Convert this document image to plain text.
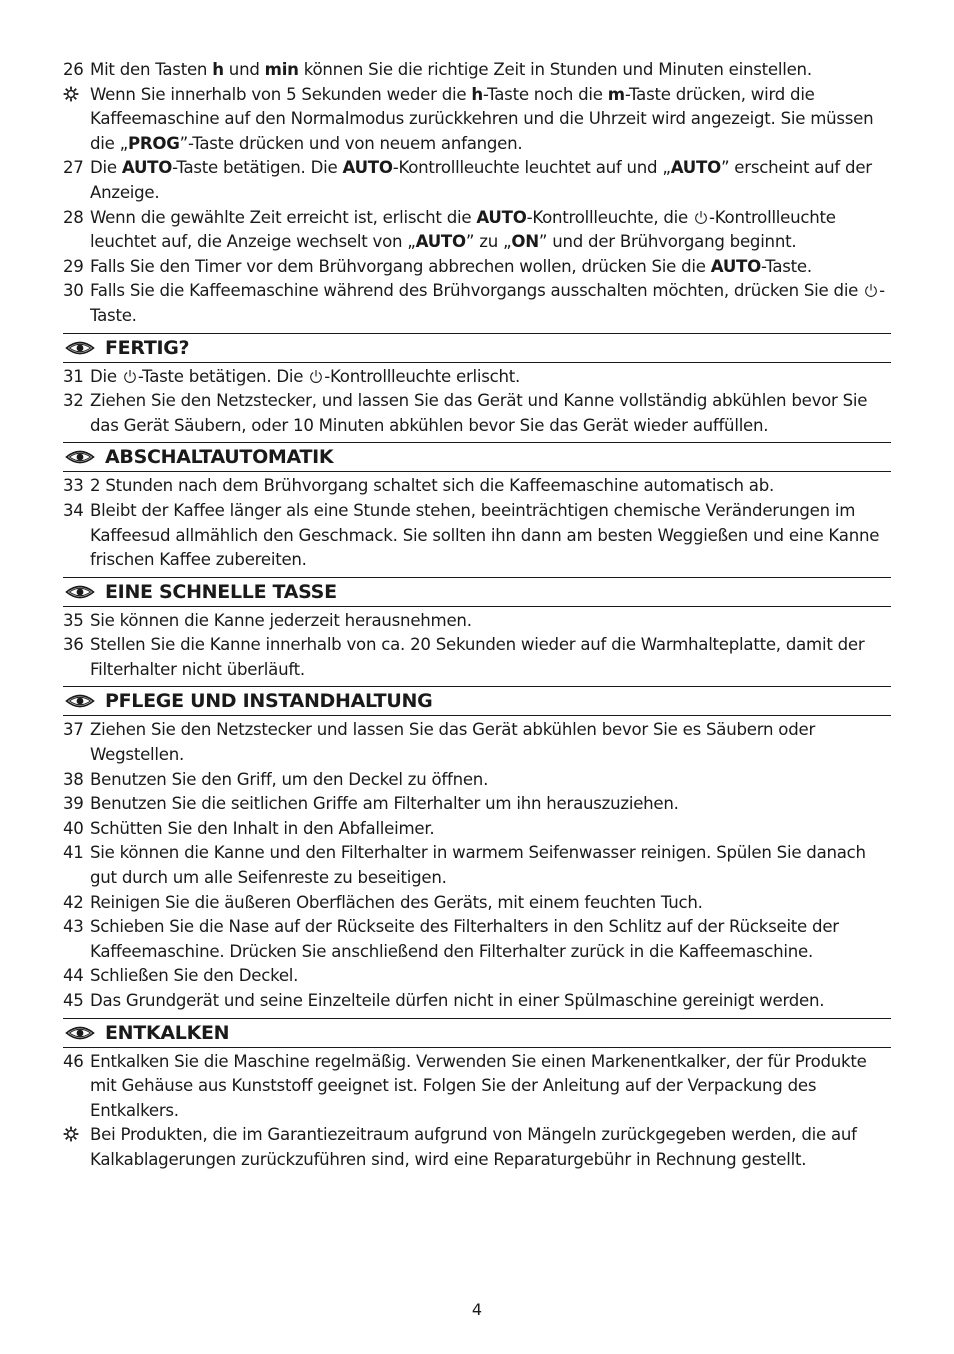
26 Mit den Tasten h und min können Sie die richtige Zeit in Stunden und Minuten einstellen.
Wenn Sie innerhalb von 5 Sekunden weder die h-Taste noch die m-Taste drücken, wird die Kaffeemaschine auf den Normalmodus zurückkehren und die Uhrzeit wird angezeigt. Sie müssen die „PROG”-Taste drücken und von neuem anfangen.
27 Die AUTO-Taste betätigen. Die AUTO-Kontrollleuchte leuchtet auf und „AUTO” erscheint auf der Anzeige.
28 Wenn die gewählte Zeit erreicht ist, erlischt die AUTO-Kontrollleuchte, die -Kontrollleuchte leuchtet auf, die Anzeige wechselt von „AUTO” zu „ON” und der Brühvorgang beginnt.
29 Falls Sie den Timer vor dem Brühvorgang abbrechen wollen, drücken Sie die AUTO-Taste.
30 Falls Sie die Kaffeemaschine während des Brühvorgangs ausschalten möchten, drücken Sie die -Taste.
FERTIG?
31 Die -Taste betätigen. Die -Kontrollleuchte erlischt.
32 Ziehen Sie den Netzstecker, und lassen Sie das Gerät und Kanne vollständig abkühlen bevor Sie das Gerät Säubern, oder 10 Minuten abkühlen bevor Sie das Gerät wieder auffüllen.
ABSCHALTAUTOMATIK
33 2 Stunden nach dem Brühvorgang schaltet sich die Kaffeemaschine automatisch ab.
34 Bleibt der Kaffee länger als eine Stunde stehen, beeinträchtigen chemische Veränderungen im Kaffeesud allmählich den Geschmack. Sie sollten ihn dann am besten Weggießen und eine Kanne frischen Kaffee zubereiten.
EINE SCHNELLE TASSE
35 Sie können die Kanne jederzeit herausnehmen.
36 Stellen Sie die Kanne innerhalb von ca. 20 Sekunden wieder auf die Warmhalteplatte, damit der Filterhalter nicht überläuft.
PFLEGE UND INSTANDHALTUNG
37 Ziehen Sie den Netzstecker und lassen Sie das Gerät abkühlen bevor Sie es Säubern oder Wegstellen.
38 Benutzen Sie den Griff, um den Deckel zu öffnen.
39 Benutzen Sie die seitlichen Griffe am Filterhalter um ihn herauszuziehen.
40 Schütten Sie den Inhalt in den Abfalleimer.
41 Sie können die Kanne und den Filterhalter in warmem Seifenwasser reinigen. Spülen Sie danach gut durch um alle Seifenreste zu beseitigen.
42 Reinigen Sie die äußeren Oberflächen des Geräts, mit einem feuchten Tuch.
43 Schieben Sie die Nase auf der Rückseite des Filterhalters in den Schlitz auf der Rückseite der Kaffeemaschine. Drücken Sie anschließend den Filterhalter zurück in die Kaffeemaschine.
44 Schließen Sie den Deckel.
45 Das Grundgerät und seine Einzelteile dürfen nicht in einer Spülmaschine gereinigt werden.
ENTKALKEN
46 Entkalken Sie die Maschine regelmäßig. Verwenden Sie einen Markenentkalker, der für Produkte mit Gehäuse aus Kunststoff geeignet ist. Folgen Sie der Anleitung auf der Verpackung des Entkalkers.
Bei Produkten, die im Garantiezeitraum aufgrund von Mängeln zurückgegeben werden, die auf Kalkablagerungen zurückzuführen sind, wird eine Reparaturgebühr in Rechnung gestellt.
4
